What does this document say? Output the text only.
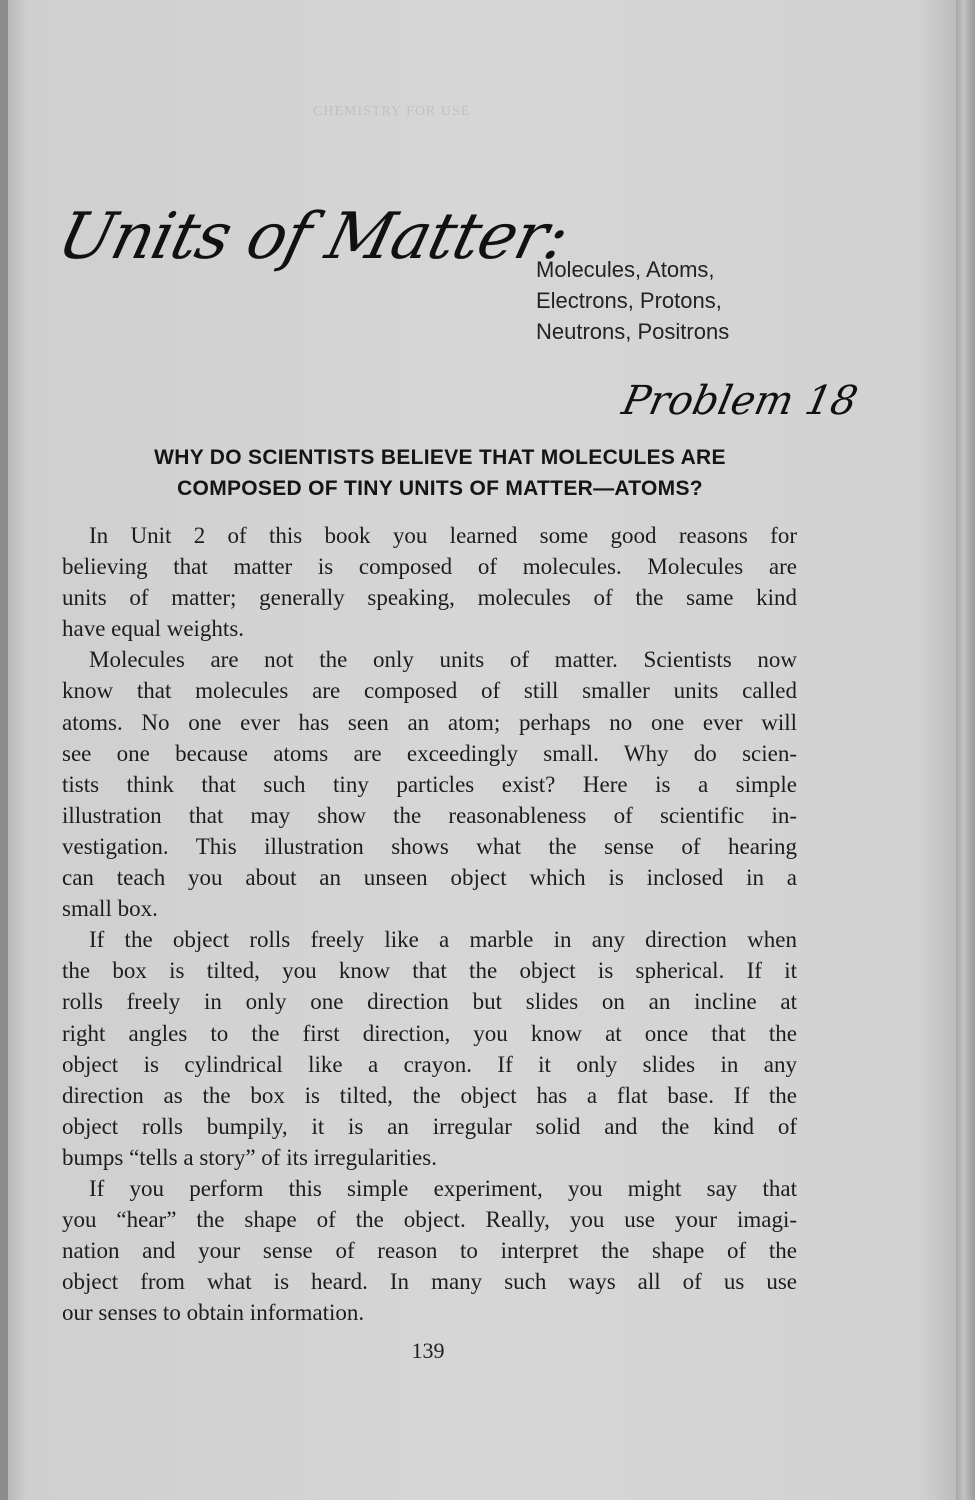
CHEMISTRY FOR USE
Units of Matter:
Molecules, Atoms,
Electrons, Protons,
Neutrons, Positrons
Problem 18
WHY DO SCIENTISTS BELIEVE THAT MOLECULES ARE
COMPOSED OF TINY UNITS OF MATTER—ATOMS?
In Unit 2 of this book you learned some good reasons for
believing that matter is composed of molecules. Molecules are
units of matter; generally speaking, molecules of the same kind
have equal weights.
Molecules are not the only units of matter. Scientists now
know that molecules are composed of still smaller units called
atoms. No one ever has seen an atom; perhaps no one ever will
see one because atoms are exceedingly small. Why do scien-
tists think that such tiny particles exist? Here is a simple
illustration that may show the reasonableness of scientific in-
vestigation. This illustration shows what the sense of hearing
can teach you about an unseen object which is inclosed in a
small box.
If the object rolls freely like a marble in any direction when
the box is tilted, you know that the object is spherical. If it
rolls freely in only one direction but slides on an incline at
right angles to the first direction, you know at once that the
object is cylindrical like a crayon. If it only slides in any
direction as the box is tilted, the object has a flat base. If the
object rolls bumpily, it is an irregular solid and the kind of
bumps “tells a story” of its irregularities.
If you perform this simple experiment, you might say that
you “hear” the shape of the object. Really, you use your imagi-
nation and your sense of reason to interpret the shape of the
object from what is heard. In many such ways all of us use
our senses to obtain information.
139
